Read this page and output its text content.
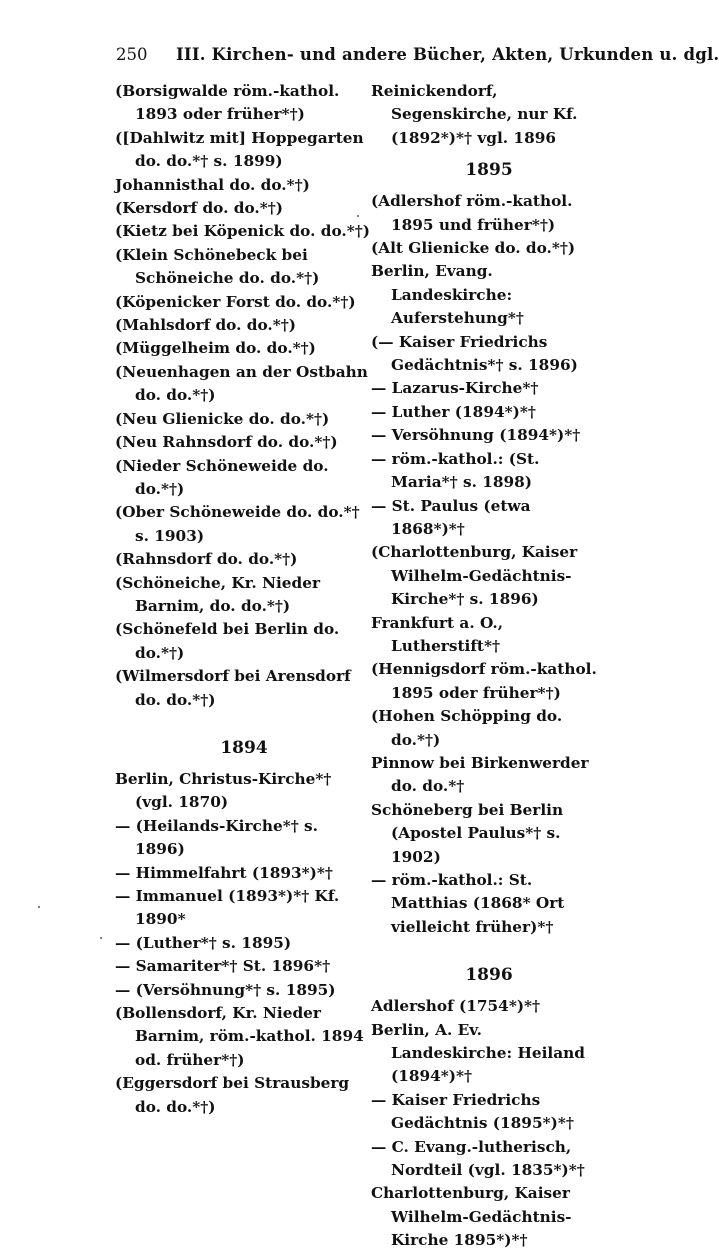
250 III. Kirchen- und andere Bücher, Akten, Urkunden u. dgl.
(Borsigwalde röm.-kathol. 1893 oder früher*†)
([Dahlwitz mit] Hoppegarten do. do.*† s. 1899)
Johannisthal do. do.*†)
(Kersdorf do. do.*†)
(Kietz bei Köpenick do. do.*†)
(Klein Schönebeck bei Schöneiche do. do.*†)
(Köpenicker Forst do. do.*†)
(Mahlsdorf do. do.*†)
(Müggelheim do. do.*†)
(Neuenhagen an der Ostbahn do. do.*†)
(Neu Glienicke do. do.*†)
(Neu Rahnsdorf do. do.*†)
(Nieder Schöneweide do. do.*†)
(Ober Schöneweide do. do.*† s. 1903)
(Rahnsdorf do. do.*†)
(Schöneiche, Kr. Nieder Barnim, do. do.*†)
(Schönefeld bei Berlin do. do.*†)
(Wilmersdorf bei Arensdorf do. do.*†)
1894
Berlin, Christus-Kirche*† (vgl. 1870)
— (Heilands-Kirche*† s. 1896)
— Himmelfahrt (1893*)*†
— Immanuel (1893*)*† Kf. 1890*
— (Luther*† s. 1895)
— Samariter*† St. 1896*†
— (Versöhnung*† s. 1895)
(Bollensdorf, Kr. Nieder Barnim, röm.-kathol. 1894 od. früher*†)
(Eggersdorf bei Strausberg do. do.*†)
Reinickendorf, Segenskirche, nur Kf. (1892*)*† vgl. 1896
1895
(Adlershof röm.-kathol. 1895 und früher*†)
(Alt Glienicke do. do.*†)
Berlin, Evang. Landeskirche: Auferstehung*†
(— Kaiser Friedrichs Gedächtnis*† s. 1896)
— Lazarus-Kirche*†
— Luther (1894*)*†
— Versöhnung (1894*)*†
— röm.-kathol.: (St. Maria*† s. 1898)
— St. Paulus (etwa 1868*)*†
(Charlottenburg, Kaiser Wilhelm-Gedächtnis-Kirche*† s. 1896)
Frankfurt a. O., Lutherstift*†
(Hennigsdorf röm.-kathol. 1895 oder früher*†)
(Hohen Schöpping do. do.*†)
Pinnow bei Birkenwerder do. do.*†
Schöneberg bei Berlin (Apostel Paulus*† s. 1902)
— röm.-kathol.: St. Matthias (1868* Ort vielleicht früher)*†
1896
Adlershof (1754*)*†
Berlin, A. Ev. Landeskirche: Heiland (1894*)*†
— Kaiser Friedrichs Gedächtnis (1895*)*†
— C. Evang.-lutherisch, Nordteil (vgl. 1835*)*†
Charlottenburg, Kaiser Wilhelm-Gedächtnis-Kirche 1895*)*†
